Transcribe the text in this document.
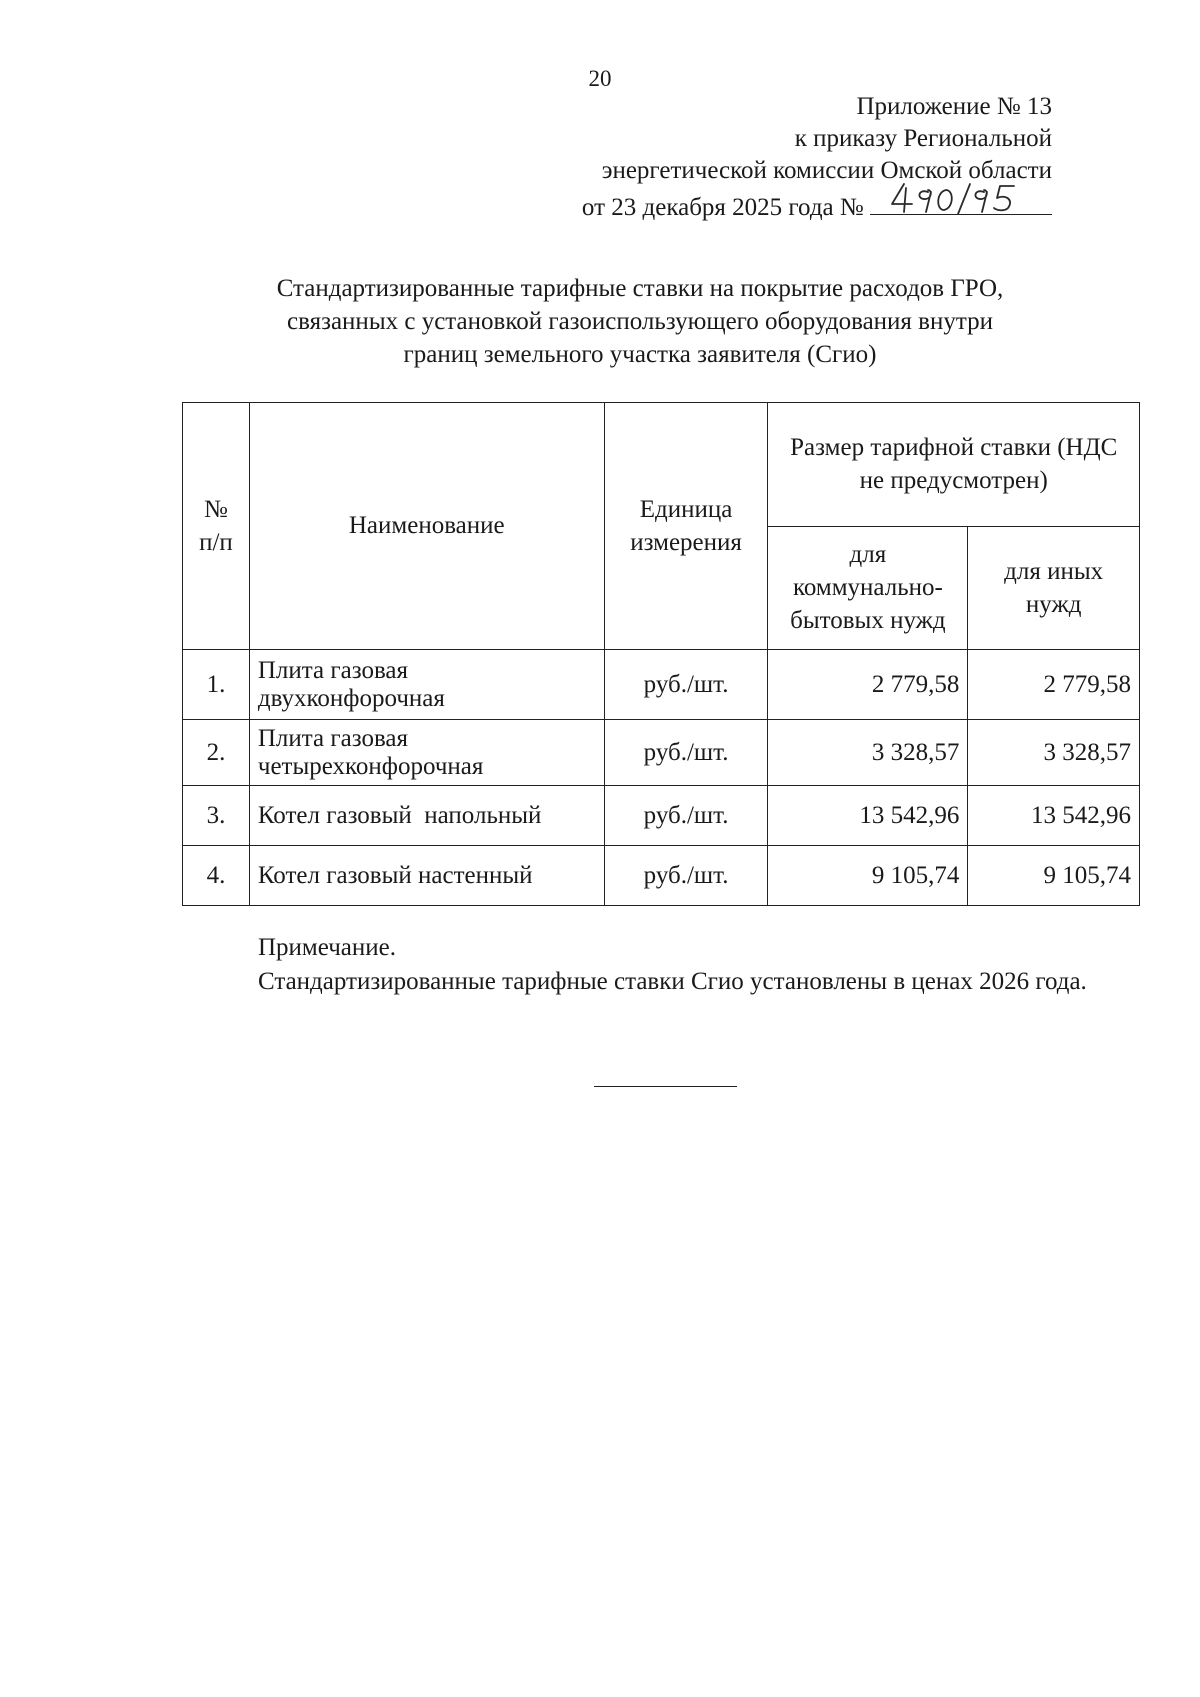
20
Приложение № 13
к приказу Региональной
энергетической комиссии Омской области
от 23 декабря 2025 года №
Стандартизированные тарифные ставки на покрытие расходов ГРО,
связанных с установкой газоиспользующего оборудования внутри
границ земельного участка заявителя (Сгио)
№ п/п	Наименование	Единица измерения	Размер тарифной ставки (НДС не предусмотрен)	
			для коммунально-бытовых нужд	для иных нужд
1.	Плита газовая двухконфорочная	руб./шт.	2 779,58	2 779,58
2.	Плита газовая четырехконфорочная	руб./шт.	3 328,57	3 328,57
3.	Котел газовый  напольный	руб./шт.	13 542,96	13 542,96
4.	Котел газовый настенный	руб./шт.	9 105,74	9 105,74
Примечание.
Стандартизированные тарифные ставки Сгио установлены в ценах 2026 года.
